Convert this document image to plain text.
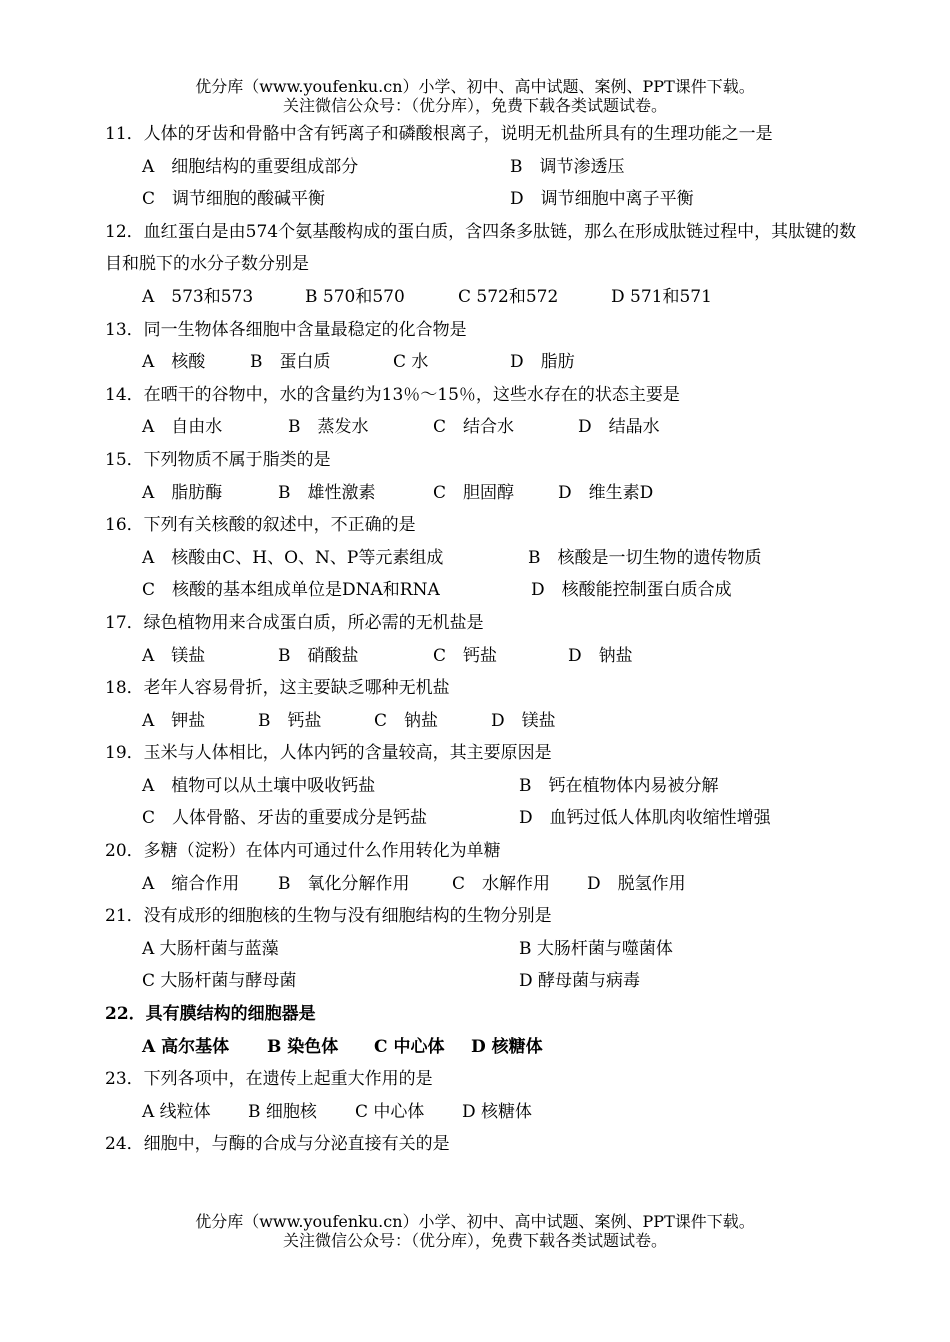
优分库（www.youfenku.cn）小学、初中、高中试题、案例、PPT课件下载。
关注微信公众号：（优分库），免费下载各类试题试卷。
11．人体的牙齿和骨骼中含有钙离子和磷酸根离子，说明无机盐所具有的生理功能之一是
A　细胞结构的重要组成部分	B　调节渗透压
C　调节细胞的酸碱平衡	D　调节细胞中离子平衡
12．血红蛋白是由574个氨基酸构成的蛋白质，含四条多肽链，那么在形成肽链过程中，其肽键的数目和脱下的水分子数分别是
A　573和573	B 570和570	C 572和572	D 571和571
13．同一生物体各细胞中含量最稳定的化合物是
A　核酸	B　蛋白质	C 水	D　脂肪
14．在晒干的谷物中，水的含量约为13％～15％，这些水存在的状态主要是
A　自由水	B　蒸发水	C　结合水	D　结晶水
15．下列物质不属于脂类的是
A　脂肪酶	B　雄性激素	C　胆固醇	D　维生素D
16．下列有关核酸的叙述中，不正确的是
A　核酸由C、H、O、N、P等元素组成	B　核酸是一切生物的遗传物质
C　核酸的基本组成单位是DNA和RNA	D　核酸能控制蛋白质合成
17．绿色植物用来合成蛋白质，所必需的无机盐是
A　镁盐	B　硝酸盐	C　钙盐	D　钠盐
18．老年人容易骨折，这主要缺乏哪种无机盐
A　钾盐	B　钙盐	C　钠盐	D　镁盐
19．玉米与人体相比，人体内钙的含量较高，其主要原因是
A　植物可以从土壤中吸收钙盐	B　钙在植物体内易被分解
C　人体骨骼、牙齿的重要成分是钙盐	D　血钙过低人体肌肉收缩性增强
20．多糖（淀粉）在体内可通过什么作用转化为单糖
A　缩合作用 B　氧化分解作用	C　水解作用 D　脱氢作用
21．没有成形的细胞核的生物与没有细胞结构的生物分别是
A 大肠杆菌与蓝藻	B 大肠杆菌与噬菌体
C 大肠杆菌与酵母菌	D 酵母菌与病毒
22．具有膜结构的细胞器是
A 高尔基体 B 染色体 C 中心体 D 核糖体
23．下列各项中，在遗传上起重大作用的是
A 线粒体 B 细胞核 C 中心体 D 核糖体
24．细胞中，与酶的合成与分泌直接有关的是
优分库（www.youfenku.cn）小学、初中、高中试题、案例、PPT课件下载。
关注微信公众号：（优分库），免费下载各类试题试卷。
